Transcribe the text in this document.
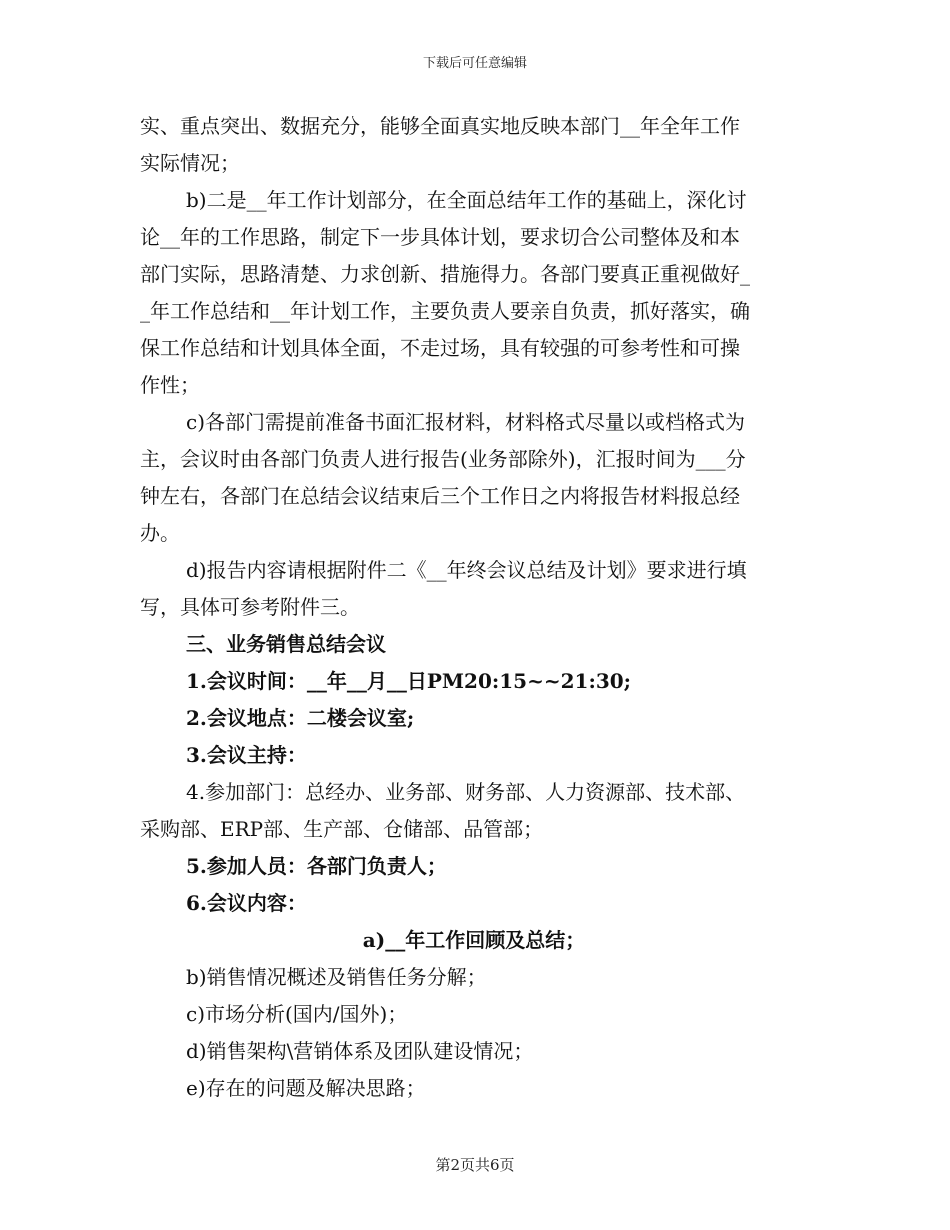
下载后可任意编辑
实、重点突出、数据充分，能够全面真实地反映本部门__年全年工作
实际情况；
b)二是__年工作计划部分，在全面总结年工作的基础上，深化讨
论__年的工作思路，制定下一步具体计划，要求切合公司整体及和本
部门实际，思路清楚、力求创新、措施得力。各部门要真正重视做好_
_年工作总结和__年计划工作，主要负责人要亲自负责，抓好落实，确
保工作总结和计划具体全面，不走过场，具有较强的可参考性和可操
作性；
c)各部门需提前准备书面汇报材料，材料格式尽量以或档格式为
主，会议时由各部门负责人进行报告(业务部除外)，汇报时间为___分
钟左右，各部门在总结会议结束后三个工作日之内将报告材料报总经
办。
d)报告内容请根据附件二《__年终会议总结及计划》要求进行填
写，具体可参考附件三。
三、业务销售总结会议
1.会议时间：__年__月__日PM20:15~~21:30;
2.会议地点：二楼会议室;
3.会议主持：
4.参加部门：总经办、业务部、财务部、人力资源部、技术部、
采购部、ERP部、生产部、仓储部、品管部；
5.参加人员：各部门负责人；
6.会议内容：
a)__年工作回顾及总结；
b)销售情况概述及销售任务分解；
c)市场分析(国内/国外)；
d)销售架构\营销体系及团队建设情况；
e)存在的问题及解决思路；
第2页共6页
